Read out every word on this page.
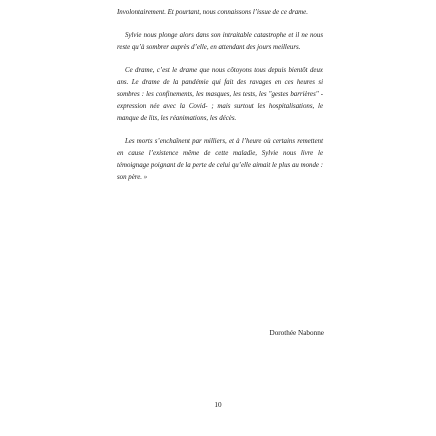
Involontairement. Et pourtant, nous connaissons l’issue de ce drame.

Sylvie nous plonge alors dans son intraitable catastrophe et il ne nous reste qu’à sombrer auprès d’elle, en attendant des jours meilleurs.

Ce drame, c’est le drame que nous côtoyons tous depuis bientôt deux ans. Le drame de la pandémie qui fait des ravages en ces heures si sombres : les confinements, les masques, les tests, les "gestes barrières" -expression née avec la Covid- ; mais surtout les hospitalisations, le manque de lits, les réanimations, les décès.

Les morts s’enchaînent par milliers, et à l’heure où certains remettent en cause l’existence même de cette maladie, Sylvie nous livre le témoignage poignant de la perte de celui qu’elle aimait le plus au monde : son père. »

Dorothée Nabonne
10
